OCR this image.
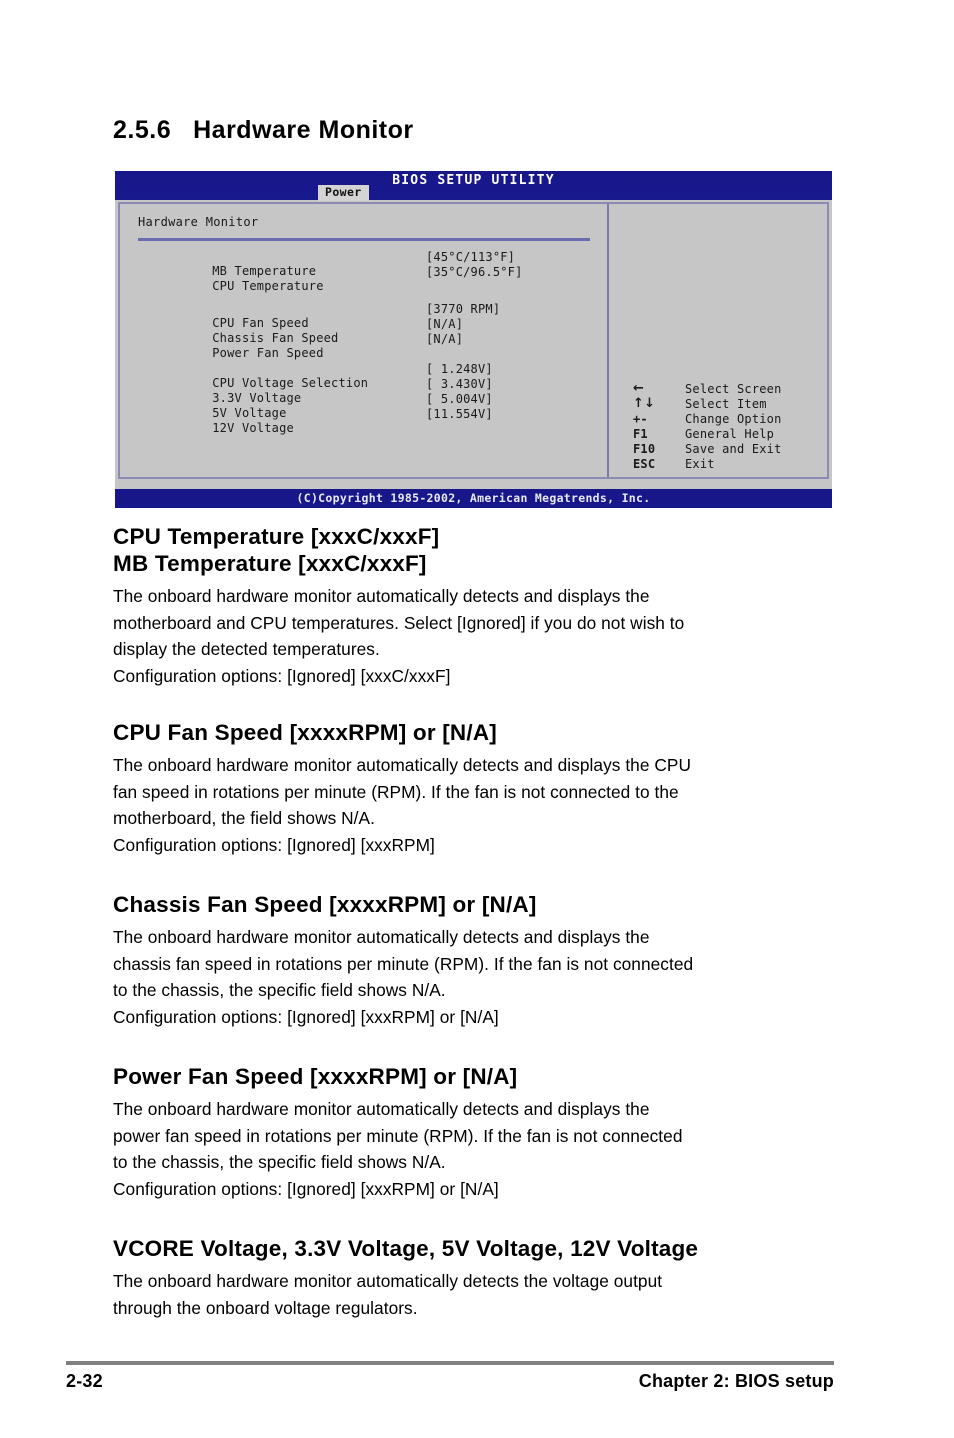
2.5.6 Hardware Monitor
BIOS SETUP UTILITY
Power
Hardware Monitor

MB Temperature

[45°C/113°F]

CPU Temperature

[35°C/96.5°F]

CPU Fan Speed

[3770 RPM]

Chassis Fan Speed

[N/A]

Power Fan Speed

[N/A]

CPU Voltage Selection

[ 1.248V]

3.3V Voltage

[ 3.430V]

5V Voltage

[ 5.004V]

12V Voltage

[11.554V]

←	Select Screen
↑↓	Select Item
+-	Change Option
F1	General Help
F10	Save and Exit
ESC	Exit
(C)Copyright 1985-2002, American Megatrends, Inc.
CPU Temperature [xxxC/xxxF]
MB Temperature [xxxC/xxxF]
The onboard hardware monitor automatically detects and displays the
motherboard and CPU temperatures. Select [Ignored] if you do not wish to
display the detected temperatures.
Configuration options: [Ignored] [xxxC/xxxF]
CPU Fan Speed [xxxxRPM] or [N/A]
The onboard hardware monitor automatically detects and displays the CPU
fan speed in rotations per minute (RPM). If the fan is not connected to the
motherboard, the field shows N/A.
Configuration options: [Ignored] [xxxRPM]
Chassis Fan Speed [xxxxRPM] or [N/A]
The onboard hardware monitor automatically detects and displays the
chassis fan speed in rotations per minute (RPM). If the fan is not connected
to the chassis, the specific field shows N/A.
Configuration options: [Ignored] [xxxRPM] or [N/A]
Power Fan Speed [xxxxRPM] or [N/A]
The onboard hardware monitor automatically detects and displays the
power fan speed in rotations per minute (RPM). If the fan is not connected
to the chassis, the specific field shows N/A.
Configuration options: [Ignored] [xxxRPM] or [N/A]
VCORE Voltage, 3.3V Voltage, 5V Voltage, 12V Voltage
The onboard hardware monitor automatically detects the voltage output
through the onboard voltage regulators.
2-32	Chapter 2: BIOS setup
